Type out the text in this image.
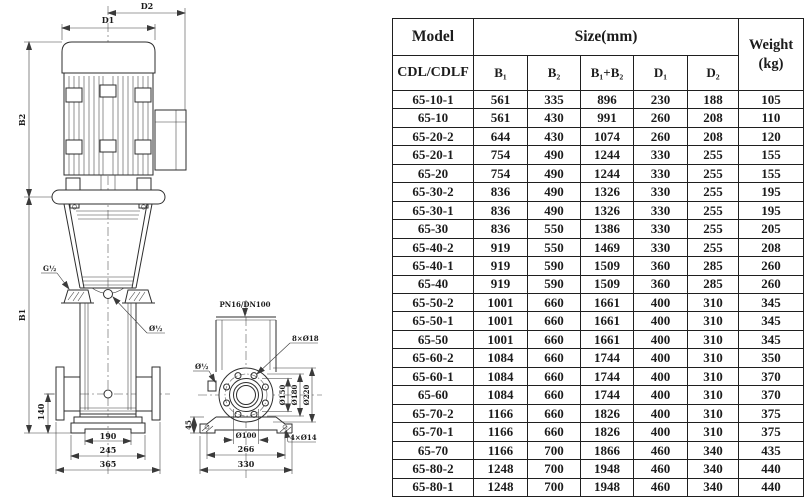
D2
D1
B2
B1
140
190
245
365
G½
Ø½
PN16/DN100
8×Ø18
Ø½
4×Ø14
Ø150 Ø180 Ø220
Ø100
45
266
330
Model	Size(mm)					Weight
(kg)
CDL/CDLF	B₁	B₂	B₁+B₂	D₁	D₂	
65-10-1	561	335	896	230	188	105
65-10	561	430	991	260	208	110
65-20-2	644	430	1074	260	208	120
65-20-1	754	490	1244	330	255	155
65-20	754	490	1244	330	255	155
65-30-2	836	490	1326	330	255	195
65-30-1	836	490	1326	330	255	195
65-30	836	550	1386	330	255	205
65-40-2	919	550	1469	330	255	208
65-40-1	919	590	1509	360	285	260
65-40	919	590	1509	360	285	260
65-50-2	1001	660	1661	400	310	345
65-50-1	1001	660	1661	400	310	345
65-50	1001	660	1661	400	310	345
65-60-2	1084	660	1744	400	310	350
65-60-1	1084	660	1744	400	310	370
65-60	1084	660	1744	400	310	370
65-70-2	1166	660	1826	400	310	375
65-70-1	1166	660	1826	400	310	375
65-70	1166	700	1866	460	340	435
65-80-2	1248	700	1948	460	340	440
65-80-1	1248	700	1948	460	340	440
